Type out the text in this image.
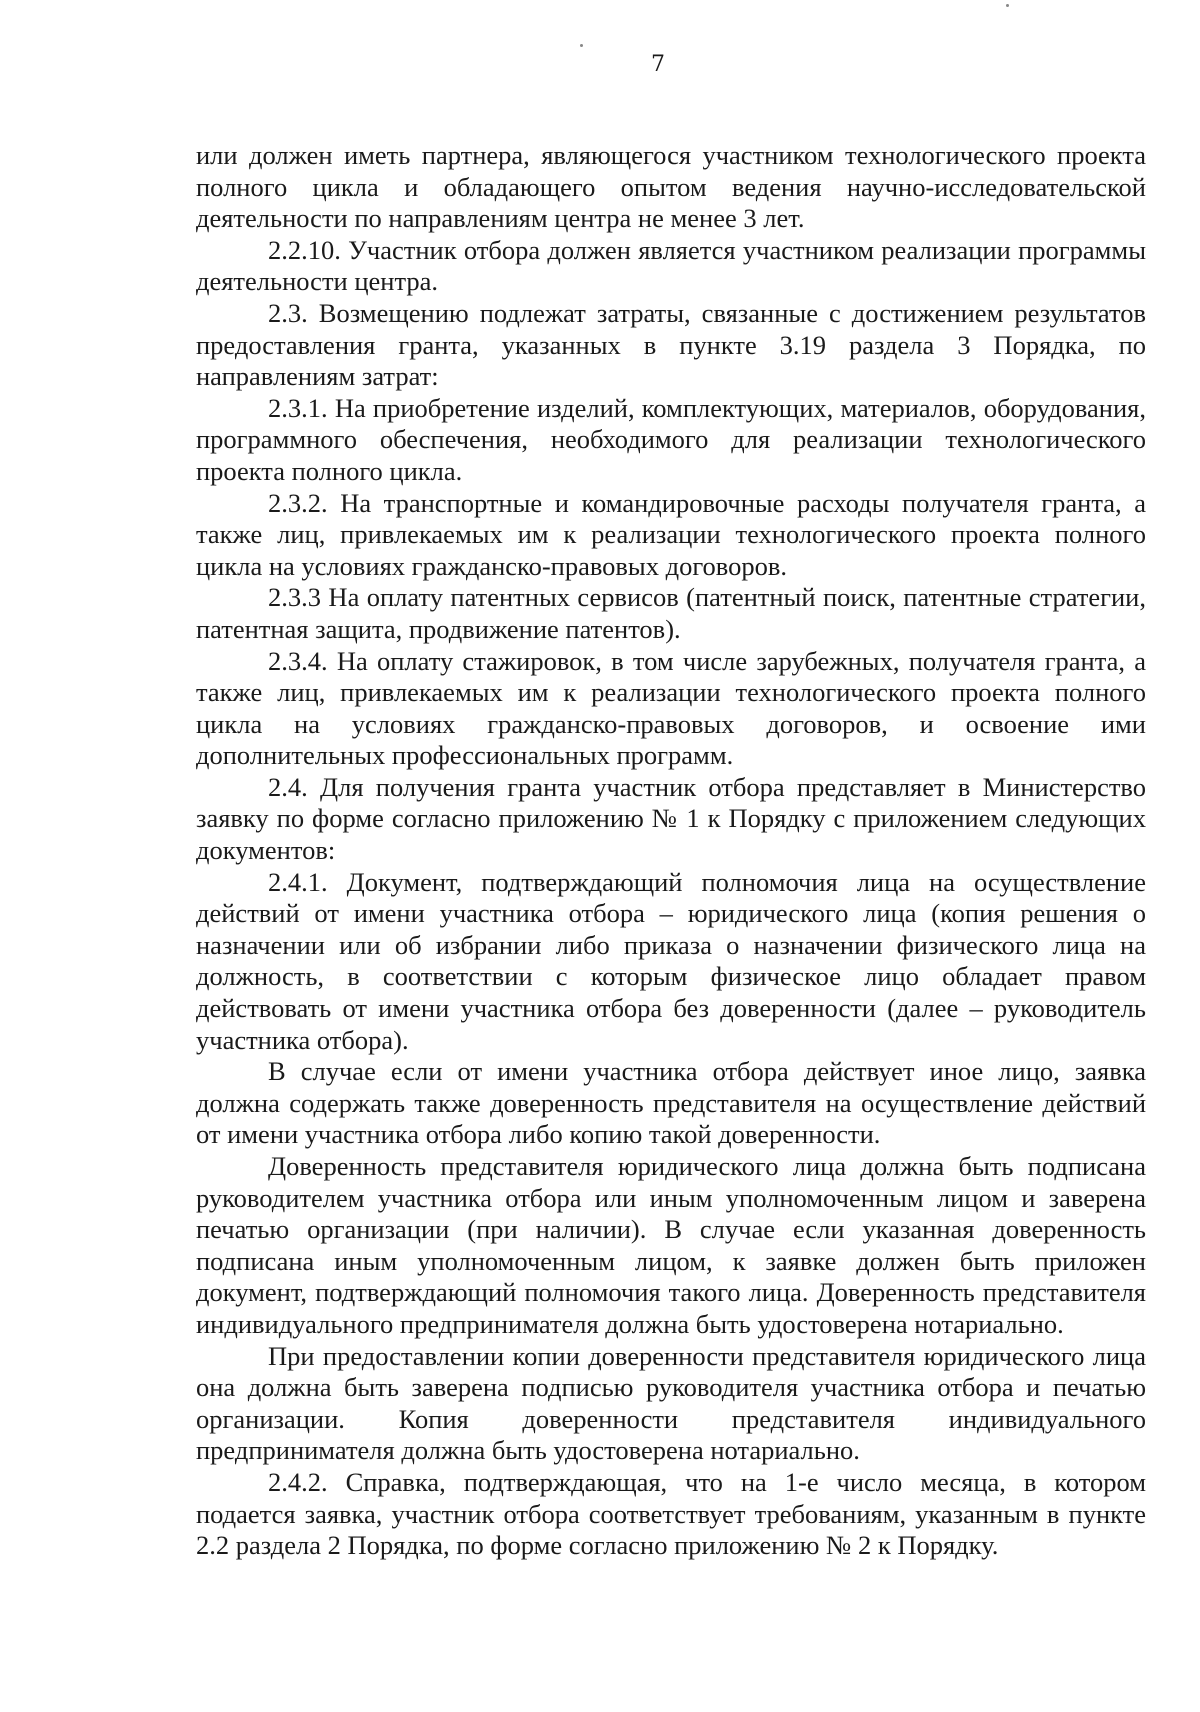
7

или должен иметь партнера, являющегося участником технологического проекта полного цикла и обладающего опытом ведения научно-исследовательской деятельности по направлениям центра не менее 3 лет.

2.2.10. Участник отбора должен является участником реализации программы деятельности центра.

2.3. Возмещению подлежат затраты, связанные с достижением результатов предоставления гранта, указанных в пункте 3.19 раздела 3 Порядка, по направлениям затрат:

2.3.1. На приобретение изделий, комплектующих, материалов, оборудования, программного обеспечения, необходимого для реализации технологического проекта полного цикла.

2.3.2. На транспортные и командировочные расходы получателя гранта, а также лиц, привлекаемых им к реализации технологического проекта полного цикла на условиях гражданско-правовых договоров.

2.3.3 На оплату патентных сервисов (патентный поиск, патентные стратегии, патентная защита, продвижение патентов).

2.3.4. На оплату стажировок, в том числе зарубежных, получателя гранта, а также лиц, привлекаемых им к реализации технологического проекта полного цикла на условиях гражданско-правовых договоров, и освоение ими дополнительных профессиональных программ.

2.4. Для получения гранта участник отбора представляет в Министерство заявку по форме согласно приложению № 1 к Порядку с приложением следующих документов:

2.4.1. Документ, подтверждающий полномочия лица на осуществление действий от имени участника отбора – юридического лица (копия решения о назначении или об избрании либо приказа о назначении физического лица на должность, в соответствии с которым физическое лицо обладает правом действовать от имени участника отбора без доверенности (далее – руководитель участника отбора).

В случае если от имени участника отбора действует иное лицо, заявка должна содержать также доверенность представителя на осуществление действий от имени участника отбора либо копию такой доверенности.

Доверенность представителя юридического лица должна быть подписана руководителем участника отбора или иным уполномоченным лицом и заверена печатью организации (при наличии). В случае если указанная доверенность подписана иным уполномоченным лицом, к заявке должен быть приложен документ, подтверждающий полномочия такого лица. Доверенность представителя индивидуального предпринимателя должна быть удостоверена нотариально.

При предоставлении копии доверенности представителя юридического лица она должна быть заверена подписью руководителя участника отбора и печатью организации. Копия доверенности представителя индивидуального предпринимателя должна быть удостоверена нотариально.

2.4.2. Справка, подтверждающая, что на 1-е число месяца, в котором подается заявка, участник отбора соответствует требованиям, указанным в пункте 2.2 раздела 2 Порядка, по форме согласно приложению № 2 к Порядку.
